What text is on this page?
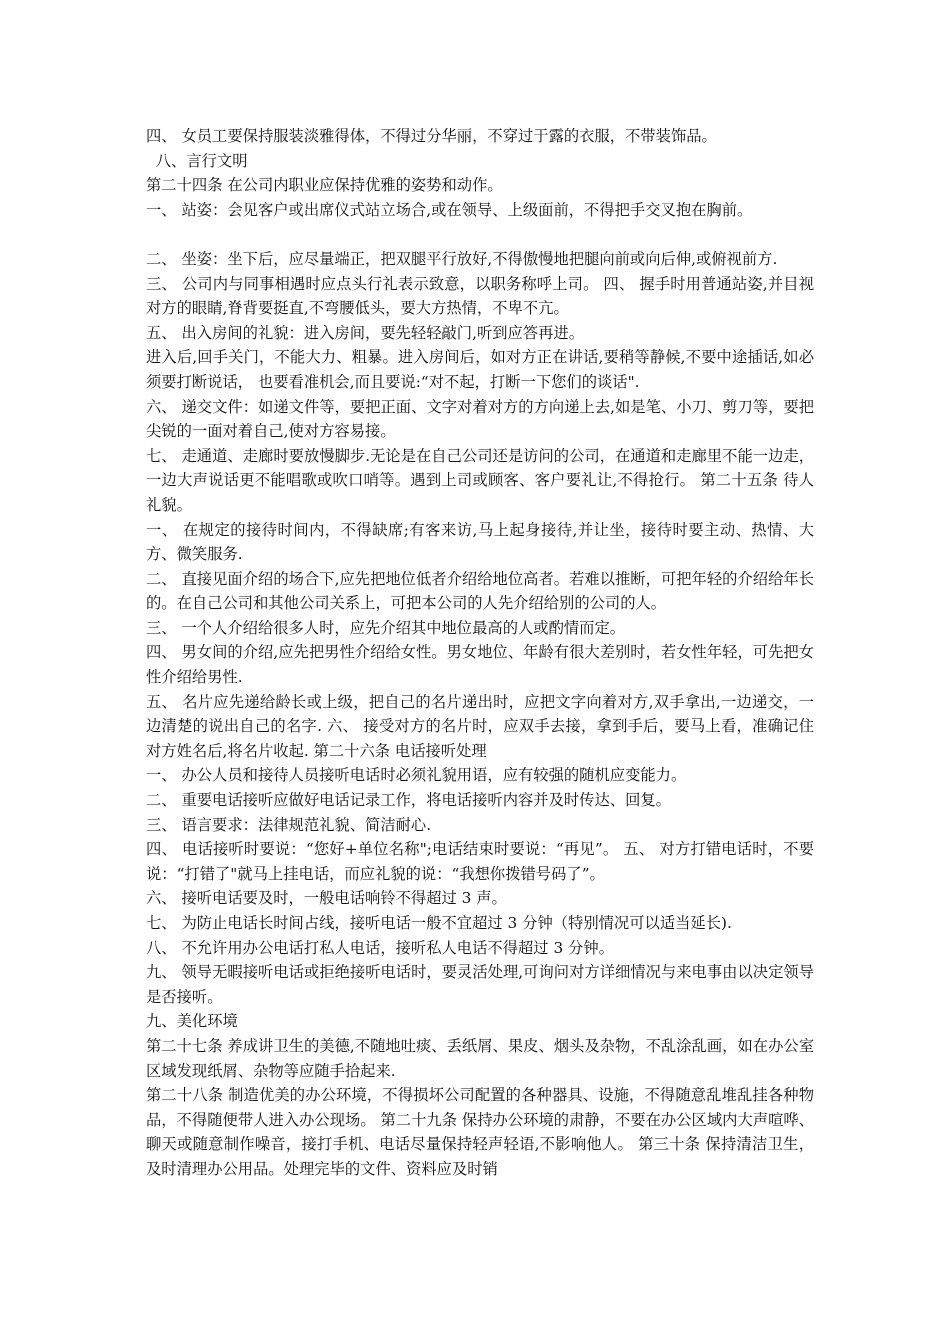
四、 女员工要保持服装淡雅得体，不得过分华丽，不穿过于露的衣服，不带装饰品。

八、言行文明

第二十四条 在公司内职业应保持优雅的姿势和动作。

一、 站姿：会见客户或出席仪式站立场合,或在领导、上级面前，不得把手交叉抱在胸前。

二、 坐姿：坐下后，应尽量端正，把双腿平行放好,不得傲慢地把腿向前或向后伸,或俯视前方.

三、 公司内与同事相遇时应点头行礼表示致意，以职务称呼上司。 四、 握手时用普通站姿,并目视对方的眼睛,脊背要挺直,不弯腰低头，要大方热情，不卑不亢。

五、 出入房间的礼貌：进入房间，要先轻轻敲门,听到应答再进。

进入后,回手关门，不能大力、粗暴。进入房间后，如对方正在讲话,要稍等静候,不要中途插话,如必须要打断说话， 也要看准机会,而且要说:“对不起，打断一下您们的谈话".

六、 递交文件：如递文件等，要把正面、文字对着对方的方向递上去,如是笔、小刀、剪刀等，要把尖锐的一面对着自己,使对方容易接。

七、 走通道、走廊时要放慢脚步.无论是在自己公司还是访问的公司，在通道和走廊里不能一边走，一边大声说话更不能唱歌或吹口哨等。遇到上司或顾客、客户要礼让,不得抢行。 第二十五条 待人礼貌。

一、 在规定的接待时间内，不得缺席;有客来访,马上起身接待,并让坐，接待时要主动、热情、大方、微笑服务.

二、 直接见面介绍的场合下,应先把地位低者介绍给地位高者。若难以推断，可把年轻的介绍给年长的。在自己公司和其他公司关系上，可把本公司的人先介绍给别的公司的人。

三、 一个人介绍给很多人时，应先介绍其中地位最高的人或酌情而定。

四、 男女间的介绍,应先把男性介绍给女性。男女地位、年龄有很大差别时，若女性年轻，可先把女性介绍给男性.

五、 名片应先递给龄长或上级，把自己的名片递出时，应把文字向着对方,双手拿出,一边递交，一边清楚的说出自己的名字. 六、 接受对方的名片时，应双手去接，拿到手后，要马上看，准确记住对方姓名后,将名片收起. 第二十六条 电话接听处理

一、 办公人员和接待人员接听电话时必须礼貌用语，应有较强的随机应变能力。

二、 重要电话接听应做好电话记录工作，将电话接听内容并及时传达、回复。

三、 语言要求：法律规范礼貌、简洁耐心.

四、 电话接听时要说：“您好+单位名称";电话结束时要说：“再见”。 五、 对方打错电话时，不要说：“打错了"就马上挂电话，而应礼貌的说：“我想你拨错号码了”。

六、 接听电话要及时，一般电话响铃不得超过 3 声。

七、 为防止电话长时间占线，接听电话一般不宜超过 3 分钟（特别情况可以适当延长).

八、 不允许用办公电话打私人电话，接听私人电话不得超过 3 分钟。

九、 领导无暇接听电话或拒绝接听电话时，要灵活处理,可询问对方详细情况与来电事由以决定领导是否接听。

九、美化环境

第二十七条 养成讲卫生的美德,不随地吐痰、丢纸屑、果皮、烟头及杂物，不乱涂乱画，如在办公室区域发现纸屑、杂物等应随手拾起来.

第二十八条 制造优美的办公环境，不得损坏公司配置的各种器具、设施，不得随意乱堆乱挂各种物品，不得随便带人进入办公现场。 第二十九条 保持办公环境的肃静，不要在办公区域内大声喧哗、聊天或随意制作噪音，接打手机、电话尽量保持轻声轻语,不影响他人。 第三十条 保持清洁卫生，及时清理办公用品。处理完毕的文件、资料应及时销
